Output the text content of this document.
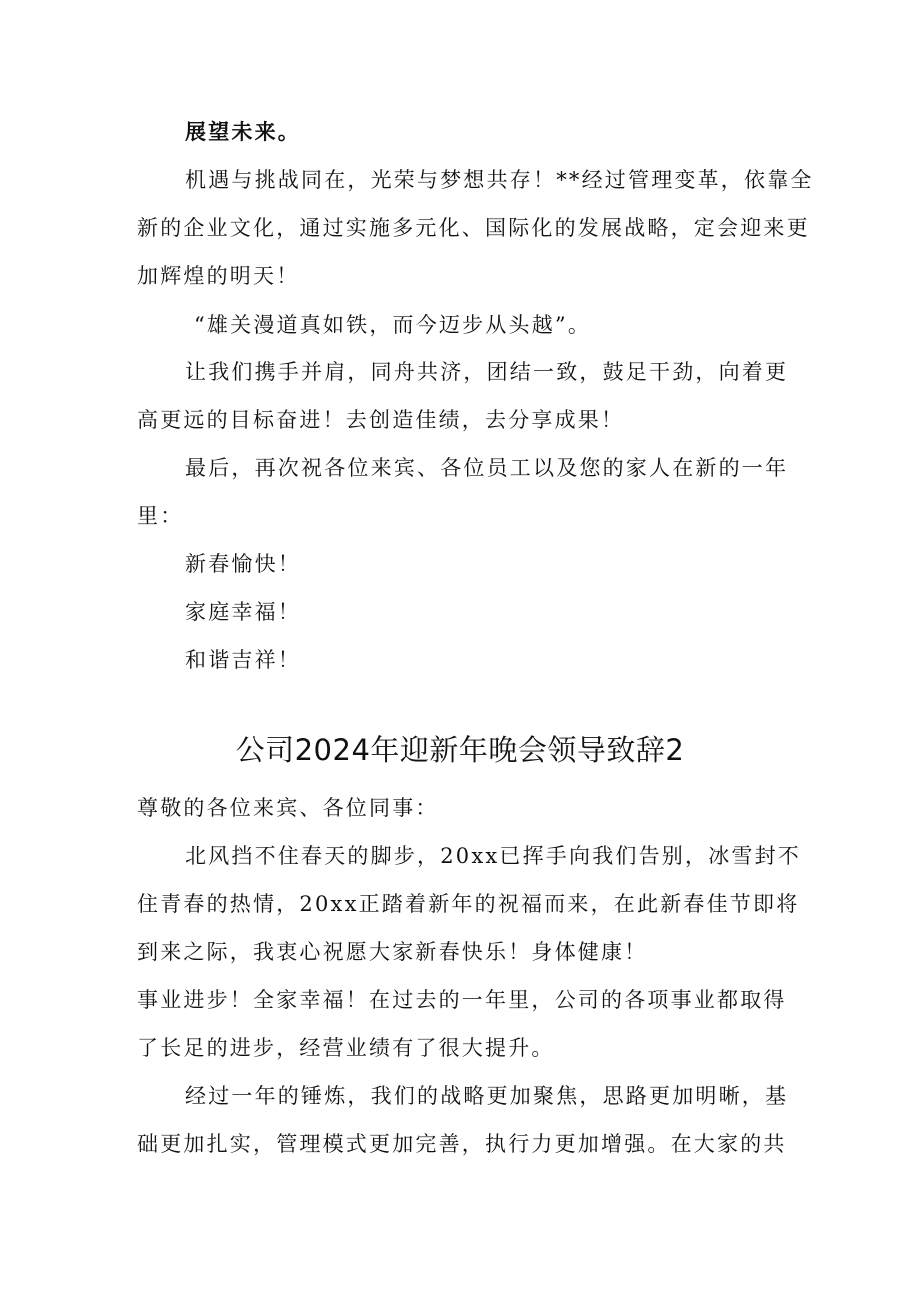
展望未来。
机遇与挑战同在，光荣与梦想共存！**经过管理变革，依靠全
新的企业文化，通过实施多元化、国际化的发展战略，定会迎来更
加辉煌的明天！
“雄关漫道真如铁，而今迈步从头越”。
让我们携手并肩，同舟共济，团结一致，鼓足干劲，向着更
高更远的目标奋进！去创造佳绩，去分享成果！
最后，再次祝各位来宾、各位员工以及您的家人在新的一年
里：
新春愉快！
家庭幸福！
和谐吉祥！
公司2024年迎新年晚会领导致辞2
尊敬的各位来宾、各位同事：
北风挡不住春天的脚步，20xx已挥手向我们告别，冰雪封不
住青春的热情，20xx正踏着新年的祝福而来，在此新春佳节即将
到来之际，我衷心祝愿大家新春快乐！身体健康！
事业进步！全家幸福！在过去的一年里，公司的各项事业都取得
了长足的进步，经营业绩有了很大提升。
经过一年的锤炼，我们的战略更加聚焦，思路更加明晰，基
础更加扎实，管理模式更加完善，执行力更加增强。在大家的共
